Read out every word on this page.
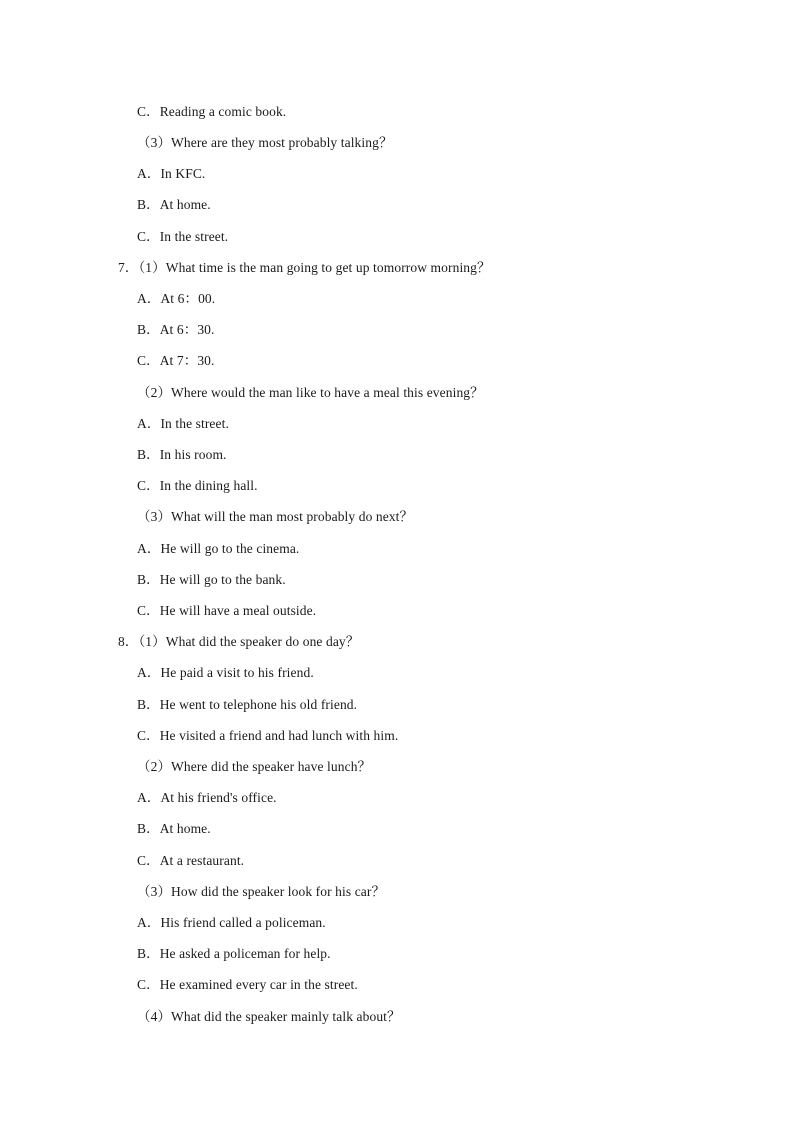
C．Reading a comic book.
（3）Where are they most probably talking？
A．In KFC.
B．At home.
C．In the street.
7．（1）What time is the man going to get up tomorrow morning？
A．At 6：00.
B．At 6：30.
C．At 7：30.
（2）Where would the man like to have a meal this evening？
A．In the street.
B．In his room.
C．In the dining hall.
（3）What will the man most probably do next？
A．He will go to the cinema.
B．He will go to the bank.
C．He will have a meal outside.
8．（1）What did the speaker do one day？
A．He paid a visit to his friend.
B．He went to telephone his old friend.
C．He visited a friend and had lunch with him.
（2）Where did the speaker have lunch？
A．At his friend's office.
B．At home.
C．At a restaurant.
（3）How did the speaker look for his car？
A．His friend called a policeman.
B．He asked a policeman for help.
C．He examined every car in the street.
（4）What did the speaker mainly talk about？
